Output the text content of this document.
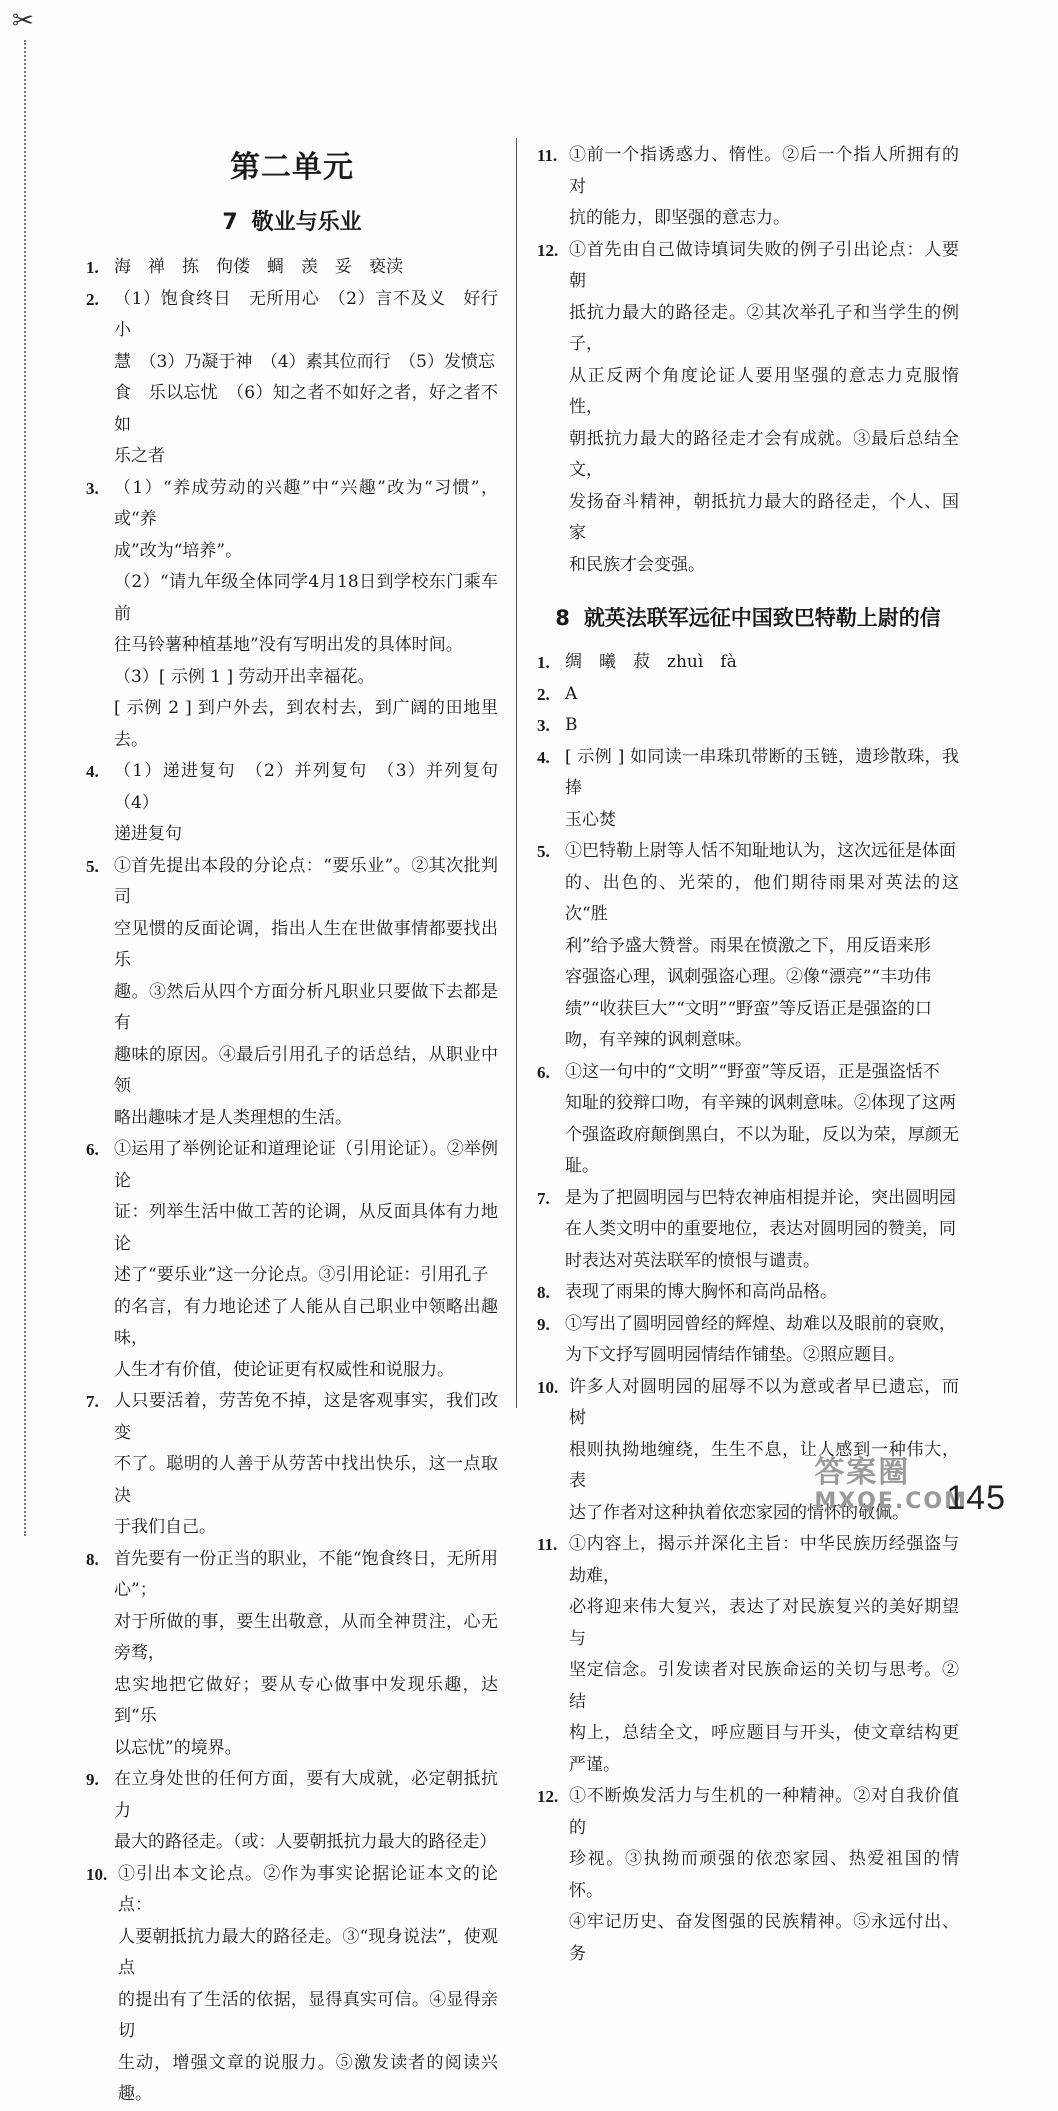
✂
第二单元
7 敬业与乐业
1. 海　禅　拣　佝偻　蜩　羡　妥　亵渎
2. （1）饱食终日　无所用心　（2）言不及义　好行小
慧　（3）乃凝于神　（4）素其位而行　（5）发愤忘
食　乐以忘忧　（6）知之者不如好之者，好之者不如
乐之者
3. （1）“养成劳动的兴趣”中“兴趣”改为“习惯”，或“养
成”改为“培养”。
（2）“请九年级全体同学4月18日到学校东门乘车前
往马铃薯种植基地”没有写明出发的具体时间。
（3）[ 示例 1 ] 劳动开出幸福花。
[ 示例 2 ] 到户外去，到农村去，到广阔的田地里去。
4. （1）递进复句　（2）并列复句　（3）并列复句　（4）
递进复句
5. ①首先提出本段的分论点：“要乐业”。②其次批判司
空见惯的反面论调，指出人生在世做事情都要找出乐
趣。③然后从四个方面分析凡职业只要做下去都是有
趣味的原因。④最后引用孔子的话总结，从职业中领
略出趣味才是人类理想的生活。
6. ①运用了举例论证和道理论证（引用论证）。②举例论
证：列举生活中做工苦的论调，从反面具体有力地论
述了“要乐业”这一分论点。③引用论证：引用孔子
的名言，有力地论述了人能从自己职业中领略出趣味，
人生才有价值，使论证更有权威性和说服力。
7. 人只要活着，劳苦免不掉，这是客观事实，我们改变
不了。聪明的人善于从劳苦中找出快乐，这一点取决
于我们自己。
8. 首先要有一份正当的职业，不能“饱食终日，无所用心”；
对于所做的事，要生出敬意，从而全神贯注，心无旁骛，
忠实地把它做好；要从专心做事中发现乐趣，达到“乐
以忘忧”的境界。
9. 在立身处世的任何方面，要有大成就，必定朝抵抗力
最大的路径走。（或：人要朝抵抗力最大的路径走）
10. ①引出本文论点。②作为事实论据论证本文的论点：
人要朝抵抗力最大的路径走。③“现身说法”，使观点
的提出有了生活的依据，显得真实可信。④显得亲切
生动，增强文章的说服力。⑤激发读者的阅读兴趣。
11. ①前一个指诱惑力、惰性。②后一个指人所拥有的对
抗的能力，即坚强的意志力。
12. ①首先由自己做诗填词失败的例子引出论点：人要朝
抵抗力最大的路径走。②其次举孔子和当学生的例子，
从正反两个角度论证人要用坚强的意志力克服惰性，
朝抵抗力最大的路径走才会有成就。③最后总结全文，
发扬奋斗精神，朝抵抗力最大的路径走，个人、国家
和民族才会变强。
8 就英法联军远征中国致巴特勒上尉的信
1. 绸　曦　菽　zhuì　fà
2. A
3. B
4. [ 示例 ] 如同读一串珠玑带断的玉链，遗珍散珠，我捧
玉心焚
5. ①巴特勒上尉等人恬不知耻地认为，这次远征是体面
的、出色的、光荣的，他们期待雨果对英法的这次“胜
利”给予盛大赞誉。雨果在愤激之下，用反语来形
容强盗心理，讽刺强盗心理。②像“漂亮”“丰功伟
绩”“收获巨大”“文明”“野蛮”等反语正是强盗的口
吻，有辛辣的讽刺意味。
6. ①这一句中的“文明”“野蛮”等反语，正是强盗恬不
知耻的狡辩口吻，有辛辣的讽刺意味。②体现了这两
个强盗政府颠倒黑白，不以为耻，反以为荣，厚颜无耻。
7. 是为了把圆明园与巴特农神庙相提并论，突出圆明园
在人类文明中的重要地位，表达对圆明园的赞美，同
时表达对英法联军的愤恨与谴责。
8. 表现了雨果的博大胸怀和高尚品格。
9. ①写出了圆明园曾经的辉煌、劫难以及眼前的衰败，
为下文抒写圆明园情结作铺垫。②照应题目。
10. 许多人对圆明园的屈辱不以为意或者早已遗忘，而树
根则执拗地缠绕，生生不息，让人感到一种伟大，表
达了作者对这种执着依恋家园的情怀的敬佩。
11. ①内容上，揭示并深化主旨：中华民族历经强盗与劫难，
必将迎来伟大复兴，表达了对民族复兴的美好期望与
坚定信念。引发读者对民族命运的关切与思考。②结
构上，总结全文，呼应题目与开头，使文章结构更严谨。
12. ①不断焕发活力与生机的一种精神。②对自我价值的
珍视。③执拗而顽强的依恋家园、热爱祖国的情怀。
④牢记历史、奋发图强的民族精神。⑤永远付出、务
答案圈
MXQE.COM
145
